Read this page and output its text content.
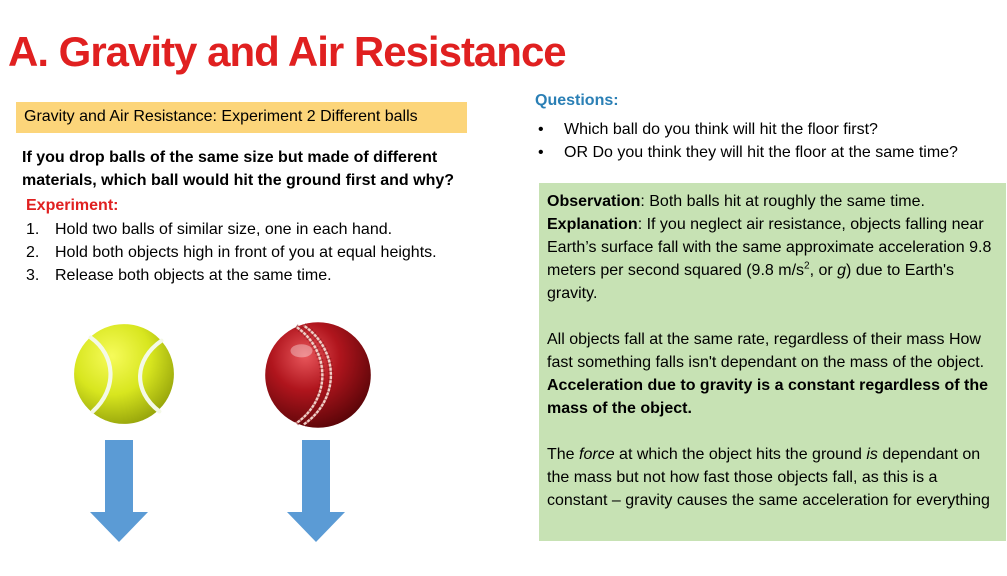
A. Gravity and Air Resistance
Gravity and Air Resistance: Experiment 2 Different balls
If you drop balls of the same size but made of different materials, which ball would hit the ground first and why?
Experiment:
1. Hold two balls of similar size, one in each hand.
2. Hold both objects high in front of you at equal heights.
3. Release both objects at the same time.
Questions:
•	Which ball do you think will hit the floor first?
•	OR Do you think they will hit the floor at the same time?

Observation: Both balls hit at roughly the same time.
Explanation: If you neglect air resistance, objects falling near Earth’s surface fall with the same approximate acceleration 9.8 meters per second squared (9.8 $m/s^2$, or g) due to Earth's gravity.

All objects fall at the same rate, regardless of their mass How fast something falls isn't dependant on the mass of the object. Acceleration due to gravity is a constant regardless of the mass of the object.

The force at which the object hits the ground is dependant on the mass but not how fast those objects fall, as this is a constant – gravity causes the same acceleration for everything
